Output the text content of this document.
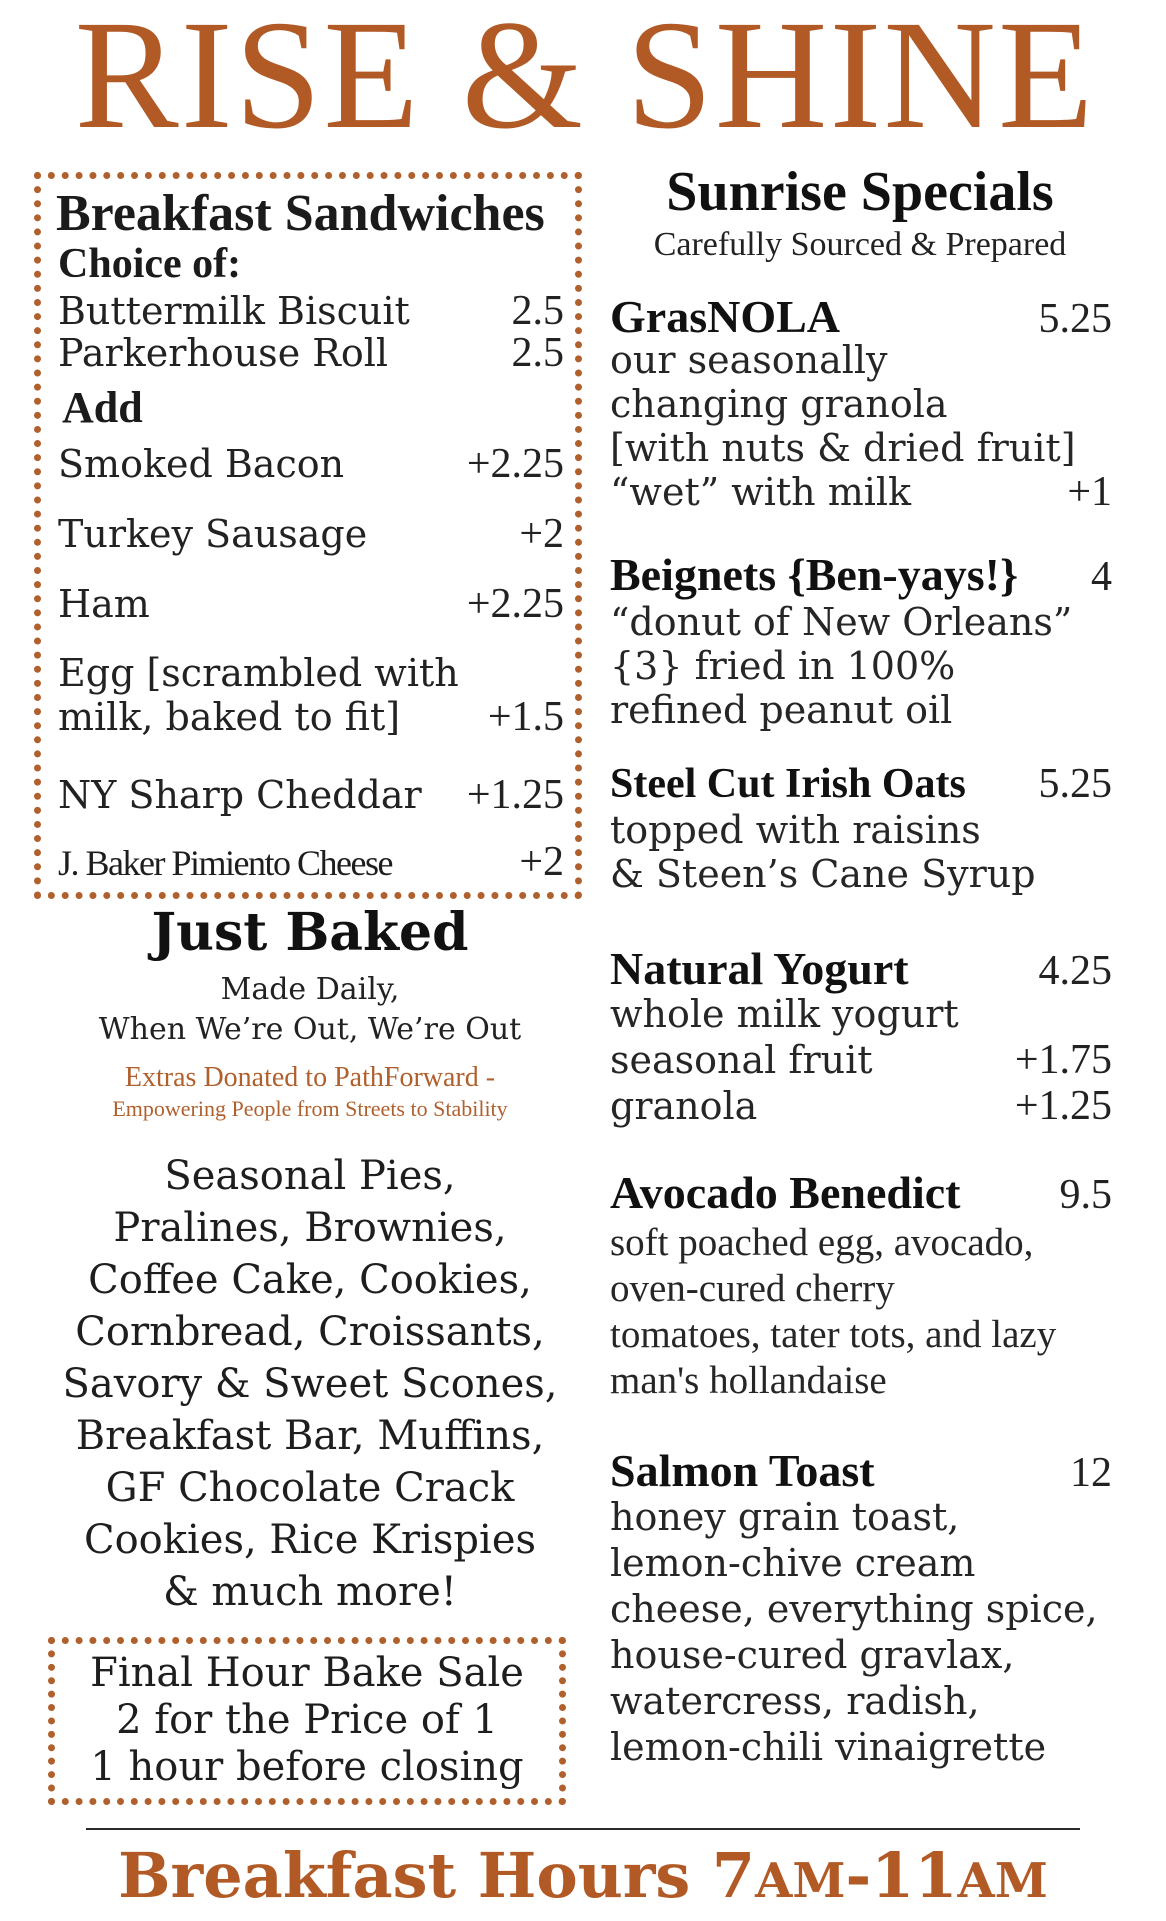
RISE & SHINE
Breakfast Sandwiches
Choice of:
Buttermilk Biscuit 2.5
Parkerhouse Roll	2.5
Add
Smoked Bacon	+2.25
Turkey Sausage	+2
Ham	+2.25
Egg [scrambled with
milk, baked to fit] +1.5
NY Sharp Cheddar +1.25
J. Baker Pimiento Cheese	+2
Just Baked
Made Daily,
When We’re Out, We’re Out
Extras Donated to PathForward -
Empowering People from Streets to Stability
Seasonal Pies,
Pralines, Brownies,
Coffee Cake, Cookies,
Cornbread, Croissants,
Savory & Sweet Scones,
Breakfast Bar, Muffins,
GF Chocolate Crack
Cookies, Rice Krispies
& much more!
Final Hour Bake Sale
2 for the Price of 1
1 hour before closing
Sunrise Specials
Carefully Sourced & Prepared
GrasNOLA	5.25
our seasonally
changing granola
[with nuts & dried fruit]
“wet” with milk	+1
Beignets {Ben-yays!} 4
“donut of New Orleans”
{3} fried in 100%
refined peanut oil
Steel Cut Irish Oats 5.25
topped with raisins
& Steen’s Cane Syrup
Natural Yogurt	4.25
whole milk yogurt
seasonal fruit	+1.75
granola	+1.25
Avocado Benedict 9.5
soft poached egg, avocado,
oven-cured cherry
tomatoes, tater tots, and lazy
man's hollandaise
Salmon Toast	12
honey grain toast,
lemon-chive cream
cheese, everything spice,
house-cured gravlax,
watercress, radish,
lemon-chili vinaigrette
Breakfast Hours 7AM-11AM
